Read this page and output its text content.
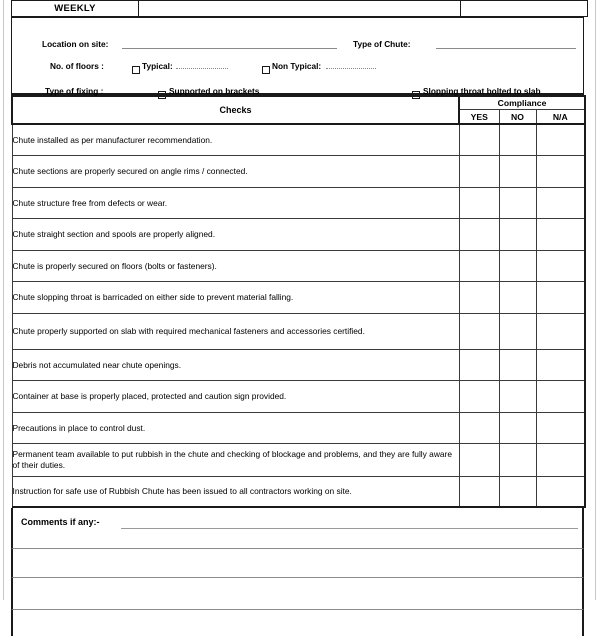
WEEKLY		
Location on site:	Type of Chute:
No. of floors :	Typical:	Non Typical:
Type of fixing :	Supported on brackets	Slopping throat bolted to slab
Checks	Compliance		
	YES	NO	N/A
Chute installed as per manufacturer recommendation.			
Chute sections are properly secured on angle rims / connected.			
Chute structure free from defects or wear.			
Chute straight section and spools are properly aligned.			
Chute is properly secured on floors (bolts or fasteners).			
Chute slopping throat is barricaded on either side to prevent material falling.			
Chute properly supported on slab with required mechanical fasteners and accessories certified.			
Debris not accumulated near chute openings.			
Container at base is properly placed, protected and caution sign provided.			
Precautions in place to control dust.			
Permanent team available to put rubbish in the chute and checking of blockage and problems, and they are fully aware of their duties.			
Instruction for safe use of Rubbish Chute has been issued to all contractors working on site.			
Comments if any:-
